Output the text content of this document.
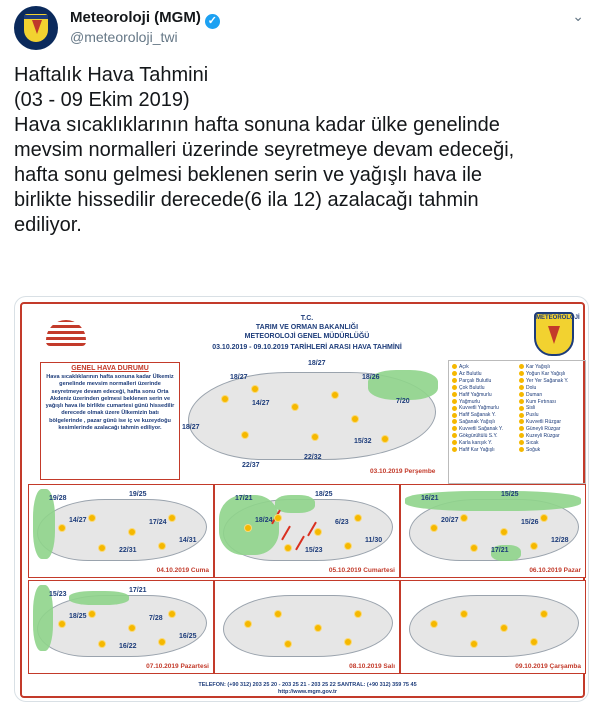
Meteoroloji (MGM) ✓
@meteoroloji_twi
⌄
Haftalık Hava Tahmini
(03 - 09 Ekim 2019)
Hava sıcaklıklarının hafta sonuna kadar ülke genelinde
mevsim normalleri üzerinde seyretmeye devam edeceği,
hafta sonu gelmesi beklenen serin ve yağışlı hava ile
birlikte hissedilir derecede(6 ila 12) azalacağı tahmin
ediliyor.
METEOROLOJİ
T.C.
TARIM VE ORMAN BAKANLIĞI
METEOROLOJİ GENEL MÜDÜRLÜĞÜ
03.10.2019 - 09.10.2019 TARİHLERİ ARASI HAVA TAHMİNİ
GENEL HAVA DURUMU
Hava sıcaklıklarının hafta sonuna kadar Ülkemiz genelinde mevsim normalleri üzerinde seyretmeye devam edeceği, hafta sonu Orta Akdeniz üzerinden gelmesi beklenen serin ve yağışlı hava ile birlikte cumartesi günü hissedilir derecede olmak üzere Ülkemizin batı bölgelerinde , pazar günü ise iç ve kuzeydoğu kesimlerinde azalacağı tahmin ediliyor.
Açık
Az Bulutlu
Parçalı Bulutlu
Çok Bulutlu
Hafif Yağmurlu
Yağmurlu
Kuvvetli Yağmurlu
Hafif Sağanak Y.
Sağanak Yağışlı
Kuvvetli Sağanak Y.
Gökgürültülü S.Y.
Karla karışık Y.
Hafif Kar Yağışlı
Kar Yağışlı
Yoğun Kar Yağışlı
Yer Yer Sağanak Y.
Dolu
Duman
Kum Fırtınası
Sisli
Puslu
Kuvvetli Rüzgar
Güneyli Rüzgar
Kuzeyli Rüzgar
Sıcak
Soğuk
18/27
18/27
18/26
14/27	7/20
18/27
15/32
22/32
22/37
03.10.2019 Perşembe
19/28
19/25
14/27	17/24
14/31
22/31
04.10.2019 Cuma
17/21
18/25
18/24	6/23
11/30
15/23
05.10.2019 Cumartesi
16/21
15/25
20/27	15/26
12/28
17/21
06.10.2019 Pazar
15/23
17/21
18/25	7/28
16/25
16/22
07.10.2019 Pazartesi	08.10.2019 Salı	09.10.2019 Çarşamba
TELEFON: (+90 312) 203 25 20 - 203 25 21 - 203 25 22 SANTRAL: (+90 312) 359 75 45
http://www.mgm.gov.tr
